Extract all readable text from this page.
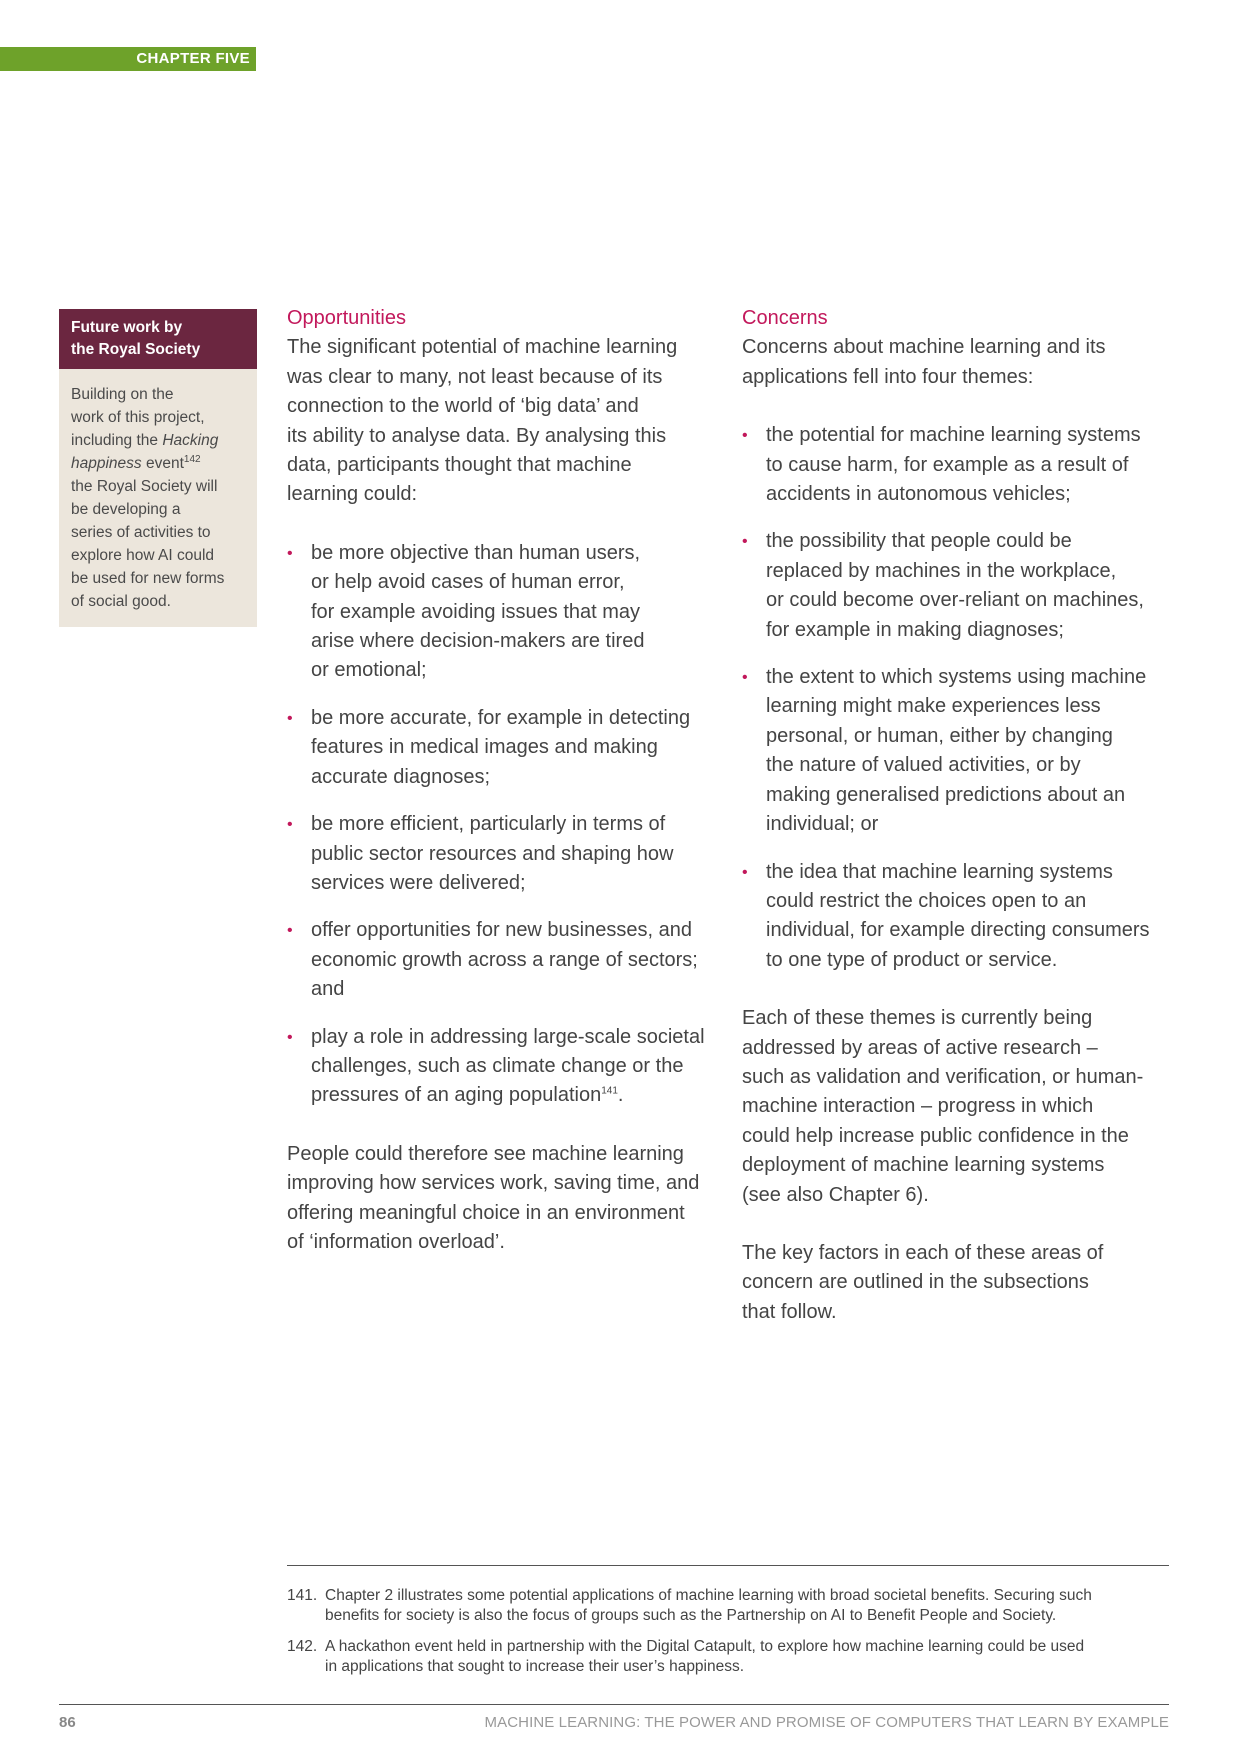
CHAPTER FIVE
Future work by
the Royal Society

Building on the
work of this project,
including the Hacking
happiness event$^{142}$
the Royal Society will
be developing a
series of activities to
explore how AI could
be used for new forms
of social good.

Opportunities
The significant potential of machine learning
was clear to many, not least because of its
connection to the world of ‘big data’ and
its ability to analyse data. By analysing this
data, participants thought that machine
learning could:
• be more objective than human users,
or help avoid cases of human error,
for example avoiding issues that may
arise where decision-makers are tired
or emotional;
• be more accurate, for example in detecting
features in medical images and making
accurate diagnoses;
• be more efficient, particularly in terms of
public sector resources and shaping how
services were delivered;
• offer opportunities for new businesses, and
economic growth across a range of sectors;
and
• play a role in addressing large-scale societal
challenges, such as climate change or the
pressures of an aging population$^{141}$.
People could therefore see machine learning
improving how services work, saving time, and
offering meaningful choice in an environment
of ‘information overload’.
Concerns
Concerns about machine learning and its
applications fell into four themes:
• the potential for machine learning systems
to cause harm, for example as a result of
accidents in autonomous vehicles;
• the possibility that people could be
replaced by machines in the workplace,
or could become over-reliant on machines,
for example in making diagnoses;
• the extent to which systems using machine
learning might make experiences less
personal, or human, either by changing
the nature of valued activities, or by
making generalised predictions about an
individual; or
• the idea that machine learning systems
could restrict the choices open to an
individual, for example directing consumers
to one type of product or service.
Each of these themes is currently being
addressed by areas of active research –
such as validation and verification, or human-
machine interaction – progress in which
could help increase public confidence in the
deployment of machine learning systems
(see also Chapter 6).
The key factors in each of these areas of
concern are outlined in the subsections
that follow.
141. Chapter 2 illustrates some potential applications of machine learning with broad societal benefits. Securing such
benefits for society is also the focus of groups such as the Partnership on AI to Benefit People and Society.
142. A hackathon event held in partnership with the Digital Catapult, to explore how machine learning could be used
in applications that sought to increase their user’s happiness.
86	MACHINE LEARNING: THE POWER AND PROMISE OF COMPUTERS THAT LEARN BY EXAMPLE
